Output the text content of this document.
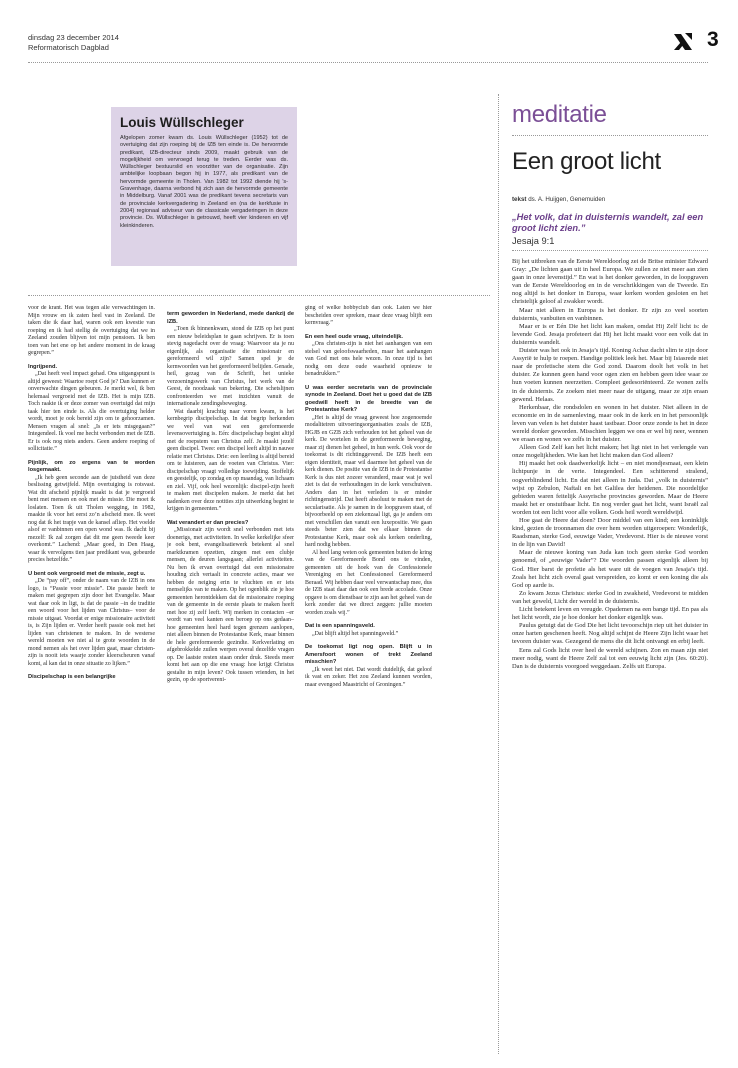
dinsdag 23 december 2014
Reformatorisch Dagblad	3
Louis Wüllschleger

Afgelopen zomer kwam ds. Louis Wüllschleger (1952) tot de overtuiging dat zijn roeping bij de IZB ten einde is. De hervormde predikant, IZB-directeur sinds 2009, maakt gebruik van de mogelijkheid om vervroegd terug te treden. Eerder was ds. Wüllschleger bestuurslid en voorzitter van de organisatie. Zijn ambtelijke loopbaan begon hij in 1977, als predikant van de hervormde gemeente in Tholen. Van 1982 tot 1992 diende hij ’s-Gravenhage, daarna verbond hij zich aan de hervormde gemeente in Middelburg. Vanaf 2001 was de predikant tevens secretaris van de provinciale kerkvergadering in Zeeland en (na de kerkfusie in 2004) regionaal adviseur van de classicale vergaderingen in deze provincie. Ds. Wüllschleger is getrouwd, heeft vier kinderen en vijf kleinkinderen.

voor de krant. Het was tegen alle verwachtingen in. Mijn vrouw en ik zaten heel vast in Zeeland. De taken die ik daar had, waren ook een kwestie van roeping en ik had stellig de overtuiging dat we in Zeeland zouden blijven tot mijn pensioen. Ik ben toen van het ene op het andere moment in de kraag gegrepen.”

Ingrijpend.

„Dat heeft veel impact gehad. Ons uitgangspunt is altijd geweest: Waartoe roept God je? Dan kunnen er onverwachte dingen gebeuren. Je merkt wel, ik ben helemaal vergroeid met de IZB. Het is mijn IZB. Toch raakte ik er deze zomer van overtuigd dat mijn taak hier ten einde is. Als die overtuiging helder wordt, moet je ook bereid zijn om te gehoorzamen. Mensen vragen al snel: „Is er iets misgegaan?” Integendeel. Ik voel me hecht verbonden met de IZB. Er is ook nog niets anders. Geen andere roeping of sollicitatie.”

Pijnlijk, om zo ergens van te worden losgemaakt.

„Ik heb geen seconde aan de juistheid van deze beslissing getwijfeld. Mijn overtuiging is rotsvast. Wat dit afscheid pijnlijk maakt is dat je vergroeid bent met mensen en ook met de missie. Die moet ik loslaten. Toen ik uit Tholen wegging, in 1982, maakte ik voor het eerst zo’n afscheid mee. Ik weet nog dat ik het trapje van de kansel afliep. Het voelde alsof er vanbinnen een open wond was. Ik dacht bij mezelf: Ik zal zorgen dat dit me geen tweede keer overkomt.” Lachend: „Maar goed, in Den Haag, waar ik vervolgens tien jaar predikant was, gebeurde precies hetzelfde.”

U bent ook vergroeid met de missie, zegt u.

„De “pay off”, onder de naam van de IZB in ons logo, is “Passie voor missie”. Die passie heeft te maken met gegrepen zijn door het Evangelie. Maar wat daar ook in ligt, is dat de passie –in de traditie een woord voor het lijden van Christus– voor de missie uitgaat. Voordat er enige missionaire activiteit is, is Zijn lijden er. Verder heeft passie ook met het lijden van christenen te maken. In de westerse wereld moeten we niet al te grote woorden in de mond nemen als het over lijden gaat, maar christen-zijn is nooit iets waarje zonder kleerscheuren vanaf komt, al kan dat in onze situatie zo lijken.”

Discipelschap is een belangrijke

term geworden in Nederland, mede dankzij de IZB.

„Toen ik binnenkwam, stond de IZB op het punt een nieuw beleidsplan te gaan schrijven. Er is toen stevig nagedacht over de vraag: Waarvoor sta je nu eigenlijk, als organisatie die missionair en gereformeerd wil zijn? Samen spel je de kernwoorden van het gereformeerd belijden. Genade, heil, gezag van de Schrift, het unieke verzoeningswerk van Christus, het werk van de Geest, de noodzaak van bekering. Die schetslijnen confronteerden we met inzichten vanuit de internationale zendingsbeweging.

Wat daarbij krachtig naar voren kwam, is het kernbegrip discipelschap. In dat begrip herkenden we veel van wat een gereformeerde levensovertuiging is. Eén: discipelschap begint altijd met de roepstem van Christus zelf. Je maakt jezelf geen discipel. Twee: een discipel leeft altijd in nauwe relatie met Christus. Drie: een leerling is altijd bereid om te luisteren, aan de voeten van Christus. Vier: discipelschap vraagt volledige toewijding. Stoffelijk en geestelijk, op zondag en op maandag, van lichaam en ziel. Vijf, ook heel wezenlijk: discipel-zijn heeft te maken met discipelen maken. Je merkt dat het nadenken over deze notities zijn uitwerking begint te krijgen in gemeenten.”

Wat verandert er dan precies?

„Missionair zijn wordt snel verbonden met iets doenerigs, met activiteiten. In welke kerkelijke sfeer je ook bent, evangelisatiewerk betekent al snel marktkramen opzetten, zingen met een clubje mensen, de deuren langsgaan; allerlei activiteiten. Nu ben ik ervan overtuigd dat een missionaire houding zich vertaalt in concrete acties, maar we hebben de neiging erin te vluchten en er iets menselijks van te maken. Op het ogenblik zie je hoe gemeenten herontdekken dat de missionaire roeping van de gemeente in de eerste plaats te maken heeft met hoe zij zelf leeft. Wij merken in contacten –er wordt van veel kanten een beroep op ons gedaan– hoe gemeenten heel hard tegen grenzen aanlopen, niet alleen binnen de Protestantse Kerk, maar binnen de hele gereformeerde gezindte. Kerkverlating en afgebrokkelde zuilen werpen overal dezelfde vragen op. De laatste resten staan onder druk. Steeds meer komt het aan op die ene vraag: hoe krijgt Christus gestalte in mijn leven? Ook tussen vrienden, in het gezin, op de sportvereni-

ging of welke hobbyclub dan ook. Laten we hier bescheiden over spreken, maar deze vraag blijft een kernvraag.”

En een heel oude vraag, uiteindelijk.

„Ons christen-zijn is niet het aanhangen van een stelsel van geloofswaarheden, maar het aanhangen van God met ons hele wezen. In onze tijd is het nodig om deze oude waarheid opnieuw te benadrukken.”

U was eerder secretaris van de provinciale synode in Zeeland. Doet het u goed dat de IZB goedwill heeft in de breedte van de Protestantse Kerk?

„Het is altijd de vraag geweest hoe zogenoemde modaliteiren uitvoeringsorganisaties zoals de IZB, HGJB en GZB zich verhouden tot het geheel van de kerk. De wortelen in de gereformeerde beweging, maar zij dienen het geheel, in hun werk. Ook voor de toekomst is dit richtinggevend. De IZB heeft een eigen identiteit, maar wil daarmee het geheel van de kerk dienen. De positie van de IZB in de Protestantse Kerk is dus niet zozeer veranderd, maar wat je wel ziet is dat de verhoudingen in de kerk verschuiven. Anders dan in het verleden is er minder richtingenstrijd. Dat heeft absoluut te maken met de secularisatie. Als je samen in de loopgraven staat, of bijvoorbeeld op een ziekenzaal ligt, ga je anders om met verschillen dan vanuit een luxepositie. We gaan steeds beter zien dat we elkaar binnen de Protestantse Kerk, maar ook als kerken onderling, hard nodig hebben.

Al heel lang weten ook gemeenten buiten de kring van de Gereformeerde Bond ons te vinden, gemeenten uit de hoek van de Confessionele Vereniging en het Confessioneel Gereformeerd Beraad. Wij hebben daar veel verwantschap mee, dus de IZB staat daar dan ook een brede accolade. Onze opgave is om dienstbaar te zijn aan het geheel van de kerk zonder dat we direct zeggen: jullie moeten worden zoals wij.”

Dat is een spanningsveld.

„Dat blijft altijd het spanningsveld.”

De toekomst ligt nog open. Blijft u in Amersfoort wonen of trekt Zeeland misschien?

„Ik weet het niet. Dat wordt duidelijk, dat geloof ik vast en zeker. Het zou Zeeland kunnen worden, maar evengoed Maastricht of Groningen.”

meditatie
Een groot licht
tekst ds. A. Huijgen, Genemuiden
„Het volk, dat in duisternis wandelt, zal een groot licht zien.”
Jesaja 9:1

Bij het uitbreken van de Eerste Wereldoorlog zei de Britse minister Edward Gray: „De lichten gaan uit in heel Europa. We zullen ze niet meer aan zien gaan in onze levenstijd.” En wat is het donker geworden, in de loopgraven van de Eerste Wereldoorlog en in de verschrikkingen van de Tweede. En nog altijd is het donker in Europa, waar kerken worden gesloten en het christelijk geloof al zwakker wordt.

Maar niet alleen in Europa is het donker. Er zijn zo veel soorten duisternis, vanbuiten en vanbinnen.

Maar er is er Eén Die het licht kan maken, omdat Hij Zelf licht is: de levende God. Jesaja profeteert dat Hij het licht maakt voor een volk dat in duisternis wandelt.

Duister was het ook in Jesaja’s tijd. Koning Achaz dacht slim te zijn door Assyrië te hulp te roepen. Handige politiek leek het. Maar bij Isiasrede niet naar de profetische stem die God zond. Daarom doolt het volk in het duister. Ze kunnen geen hand voor ogen zien en hebben geen idee waar ze hun voeten kunnen neerzetten. Compleet gedesoriënteerd. Ze wonen zelfs in de duisternis. Ze zoeken niet meer naar de uitgang, maar ze zijn eraan gewend. Helaas.

Herkenbaar, die rondsdolen en wonen in het duister. Niet alleen in de economie en in de samenleving, maar ook in de kerk en in het persoonlijk leven van velen is het duister haast tastbaar. Door onze zonde is het in deze wereld donker geworden. Misschien leggen we ons er wel bij neer, wennen we eraan en wonen we zelfs in het duister.

Alleen God Zelf kan het licht maken; het ligt niet in het verlengde van onze mogelijkheden. Wie kan het licht maken dan God alleen?

Hij maakt het ook daadwerkelijk licht – en niet mondjesmaat, een klein lichtpunje in de verte. Integendeel. Een schitterend stralend, oogverblindend licht. En dat niet alleen in Juda. Dat „volk in duisternis” wijst op Zebulon, Naftali en het Galilea der heidenen. Die noordelijke gebieden waren feitelijk Assyrische provincies geworden. Maar de Heere maakt het er onstuitbaar licht. En nog verder gaat het licht, want Israël zal worden tot een licht voor alle volken. Gods heil wordt wereldwijd.

Hoe gaat de Heere dat doen? Door middel van een kind; een koninklijk kind, gezien de troonnamen die over hem worden uitgeroepen: Wonderlijk, Raadsman, sterke God, eeuwige Vader, Vredevorst. Hier is de nieuwe vorst in de lijn van David!

Maar de nieuwe koning van Juda kan toch geen sterke God worden genoemd, of „eeuwige Vader”? Die woorden passen eigenlijk alleen bij God. Hier barst de profetie als het ware uit de voegen van Jesaja’s tijd. Zoals het licht zich overal gaat verspreiden, zo komt er een koning die als God op aarde is.

Zo kwam Jezus Christus: sterke God in zwakheid, Vredevorst te midden van het geweld, Licht der wereld in de duisternis.

Licht betekent leven en vreugde. Opademen na een bange tijd. En pas als het licht wordt, zie je hoe donker het donker eigenlijk was.

Paulus getuigt dat de God Die het licht tevoorschijn riep uit het duister in onze harten geschenen heeft. Nog altijd schijnt de Heere Zijn licht waar het tevoren duister was. Gezegend de mens die dit licht ontvangt en erbij leeft.

Eens zal Gods licht over heel de wereld schijnen. Zon en maan zijn niet meer nodig, want de Heere Zelf zal tot een eeuwig licht zijn (Jes. 60:20). Dan is de duisternis voorgoed weggedaan. Zelfs uit Europa.
